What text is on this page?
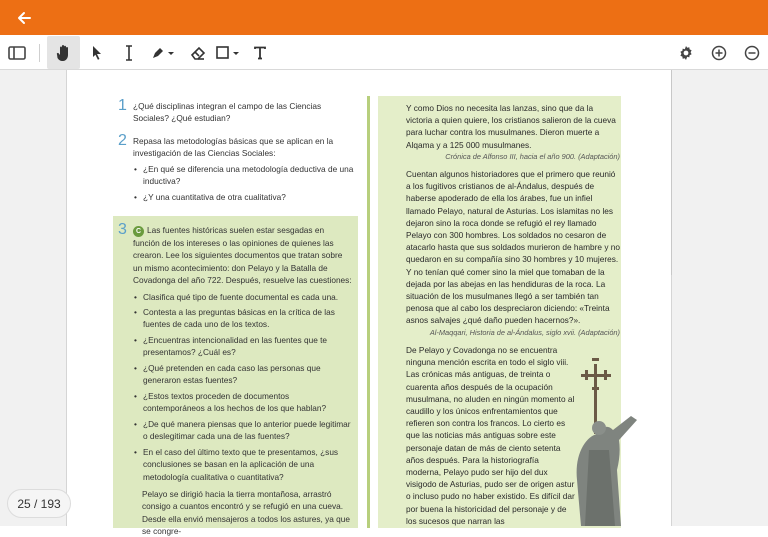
1 ¿Qué disciplinas integran el campo de las Ciencias Sociales? ¿Qué estudian?
2 Repasa las metodologías básicas que se aplican en la investigación de las Ciencias Sociales:
• ¿En qué se diferencia una metodología deductiva de una inductiva?
• ¿Y una cuantitativa de otra cualitativa?
3	C Las fuentes históricas suelen estar sesgadas en función de los intereses o las opiniones de quienes las crearon. Lee los siguientes documentos que tratan sobre un mismo acontecimiento: don Pelayo y la Batalla de Covadonga del año 722. Después, resuelve las cuestiones:
• Clasifica qué tipo de fuente documental es cada una.
• Contesta a las preguntas básicas en la crítica de las fuentes de cada uno de los textos.
• ¿Encuentras intencionalidad en las fuentes que te presentamos? ¿Cuál es?
• ¿Qué pretenden en cada caso las personas que generaron estas fuentes?
• ¿Estos textos proceden de documentos contemporáneos a los hechos de los que hablan?
• ¿De qué manera piensas que lo anterior puede legitimar o deslegitimar cada una de las fuentes?
• En el caso del último texto que te presentamos, ¿sus conclusiones se basan en la aplicación de una metodología cualitativa o cuantitativa?
Pelayo se dirigió hacia la tierra montañosa, arrastró consigo a cuantos encontró y se refugió en una cueva. Desde ella envió mensajeros a todos los astures, ya que se congre-

Y como Dios no necesita las lanzas, sino que da la victoria a quien quiere, los cristianos salieron de la cueva para luchar contra los musulmanes. Dieron muerte a Alqama y a 125 000 musulmanes.

Crónica de Alfonso III, hacia el año 900. (Adaptación)

Cuentan algunos historiadores que el primero que reunió a los fugitivos cristianos de al-Ándalus, después de haberse apoderado de ella los árabes, fue un infiel llamado Pelayo, natural de Asturias. Los islamitas no les dejaron sino la roca donde se refugió el rey llamado Pelayo con 300 hombres. Los soldados no cesaron de atacarlo hasta que sus soldados murieron de hambre y no quedaron en su compañía sino 30 hombres y 10 mujeres. Y no tenían qué comer sino la miel que tomaban de la dejada por las abejas en las hendiduras de la roca. La situación de los musulmanes llegó a ser también tan penosa que al cabo los despreciaron diciendo: «Treinta asnos salvajes ¿qué daño pueden hacernos?».

Al-Maqqari, Historia de al-Ándalus, siglo xvii. (Adaptación)

De Pelayo y Covadonga no se encuentra ninguna mención escrita en todo el siglo viii. Las crónicas más antiguas, de treinta o cuarenta años después de la ocupación musulmana, no aluden en ningún momento al caudillo y los únicos enfrentamientos que refieren son contra los francos. Lo cierto es que las noticias más antiguas sobre este personaje datan de más de ciento setenta años después. Para la historiografía moderna, Pelayo pudo ser hijo del dux visigodo de Asturias, pudo ser de origen astur o incluso pudo no haber existido. Es difícil dar por buena la historicidad del personaje y de los sucesos que narran las

25 / 193
